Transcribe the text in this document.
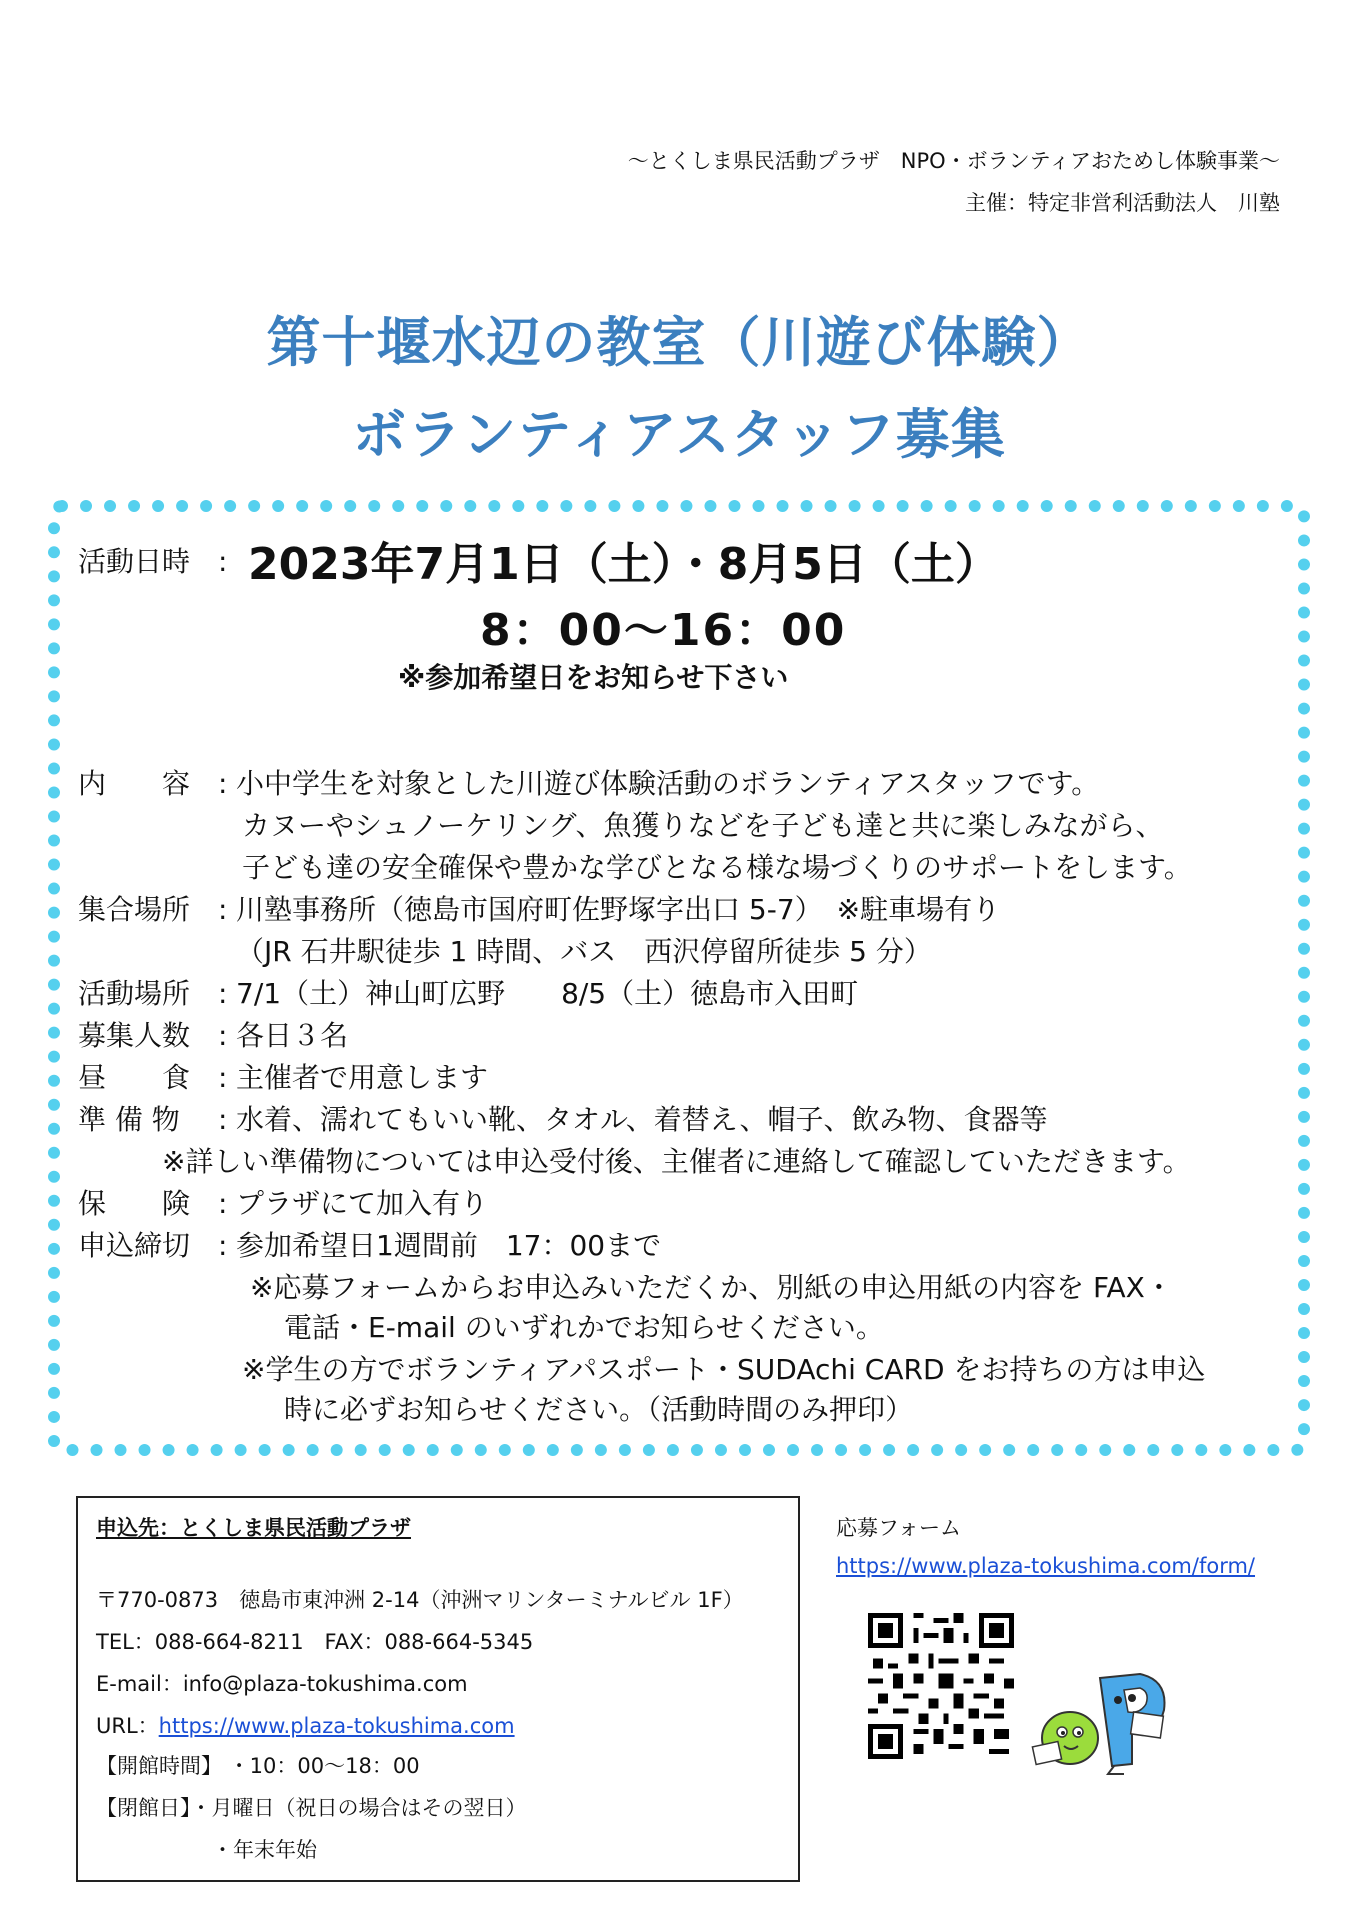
～とくしま県民活動プラザ　NPO・ボランティアおためし体験事業～
主催：特定非営利活動法人　川塾
第十堰水辺の教室（川遊び体験）
ボランティアスタッフ募集
活動日時 : 2023年7月1日（土）・8月5日（土）
8：00～16：00
※参加希望日をお知らせ下さい
内　　容 : 小中学生を対象とした川遊び体験活動のボランティアスタッフです。
カヌーやシュノーケリング、魚獲りなどを子ども達と共に楽しみながら、
子ども達の安全確保や豊かな学びとなる様な場づくりのサポートをします。
集合場所 : 川塾事務所（徳島市国府町佐野塚字出口 5-7）　※駐車場有り
（JR 石井駅徒歩 1 時間、バス　西沢停留所徒歩 5 分）
活動場所 : 7/1（土）神山町広野　　8/5（土）徳島市入田町
募集人数 : 各日３名
昼　　食 : 主催者で用意します
準 備 物 : 水着、濡れてもいい靴、タオル、着替え、帽子、飲み物、食器等
※詳しい準備物については申込受付後、主催者に連絡して確認していただきます。
保　　険 : プラザにて加入有り
申込締切 : 参加希望日1週間前　17：00まで
※応募フォームからお申込みいただくか、別紙の申込用紙の内容を FAX・
電話・E-mail のいずれかでお知らせください。
※学生の方でボランティアパスポート・SUDAchi CARD をお持ちの方は申込
時に必ずお知らせください。（活動時間のみ押印）
申込先：とくしま県民活動プラザ
〒770-0873　徳島市東沖洲 2-14（沖洲マリンターミナルビル 1F）
TEL：088-664-8211　FAX：088-664-5345
E-mail：info@plaza-tokushima.com
URL：https://www.plaza-tokushima.com
【開館時間】 ・10：00～18：00
【閉館日】・月曜日（祝日の場合はその翌日）
・年末年始
応募フォーム
https://www.plaza-tokushima.com/form/
